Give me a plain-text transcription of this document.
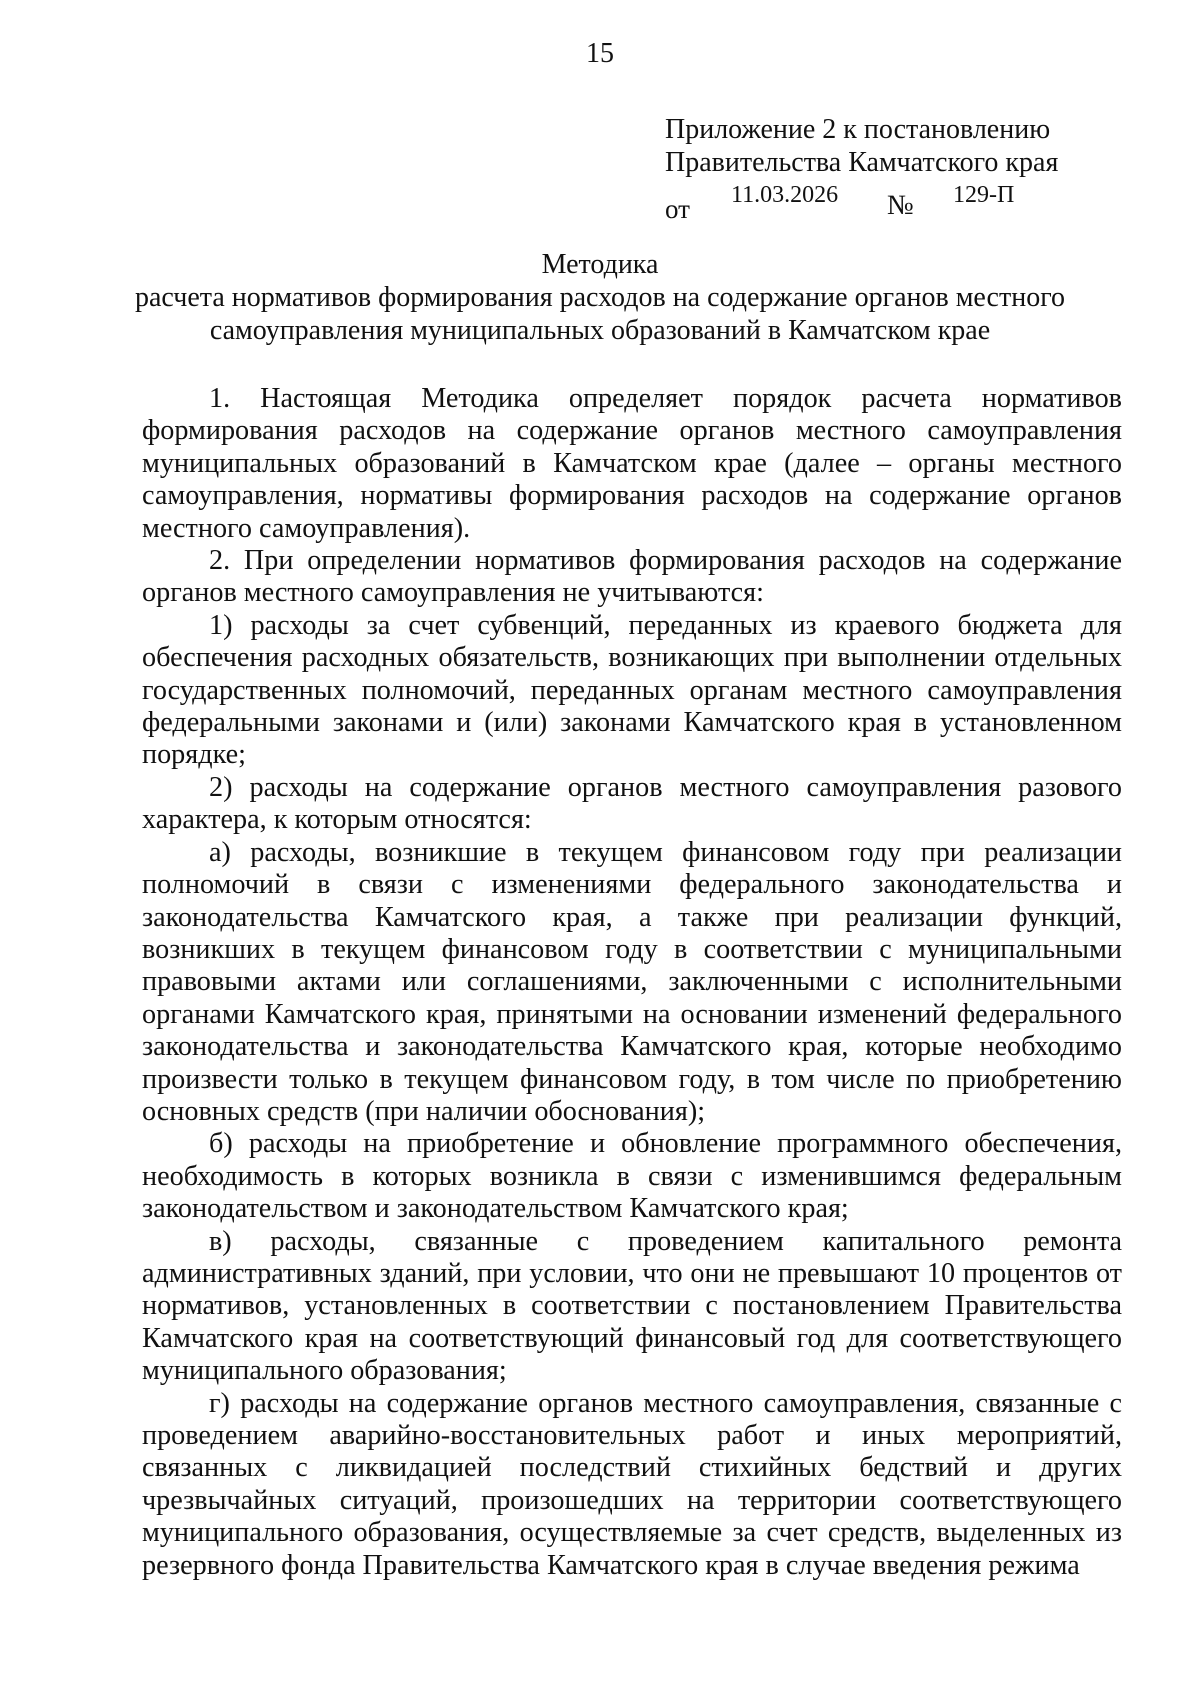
15
Приложение 2 к постановлению
Правительства Камчатского края
от 11.03.2026 № 129-П
Методика
расчета нормативов формирования расходов на содержание органов местного
самоуправления муниципальных образований в Камчатском крае

1. Настоящая Методика определяет порядок расчета нормативов формирования расходов на содержание органов местного самоуправления муниципальных образований в Камчатском крае (далее – органы местного самоуправления, нормативы формирования расходов на содержание органов местного самоуправления).

2. При определении нормативов формирования расходов на содержание органов местного самоуправления не учитываются:

1) расходы за счет субвенций, переданных из краевого бюджета для обеспечения расходных обязательств, возникающих при выполнении отдельных государственных полномочий, переданных органам местного самоуправления федеральными законами и (или) законами Камчатского края в установленном порядке;

2) расходы на содержание органов местного самоуправления разового характера, к которым относятся:

а) расходы, возникшие в текущем финансовом году при реализации полномочий в связи с изменениями федерального законодательства и законодательства Камчатского края, а также при реализации функций, возникших в текущем финансовом году в соответствии с муниципальными правовыми актами или соглашениями, заключенными с исполнительными органами Камчатского края, принятыми на основании изменений федерального законодательства и законодательства Камчатского края, которые необходимо произвести только в текущем финансовом году, в том числе по приобретению основных средств (при наличии обоснования);

б) расходы на приобретение и обновление программного обеспечения, необходимость в которых возникла в связи с изменившимся федеральным законодательством и законодательством Камчатского края;

в) расходы, связанные с проведением капитального ремонта административных зданий, при условии, что они не превышают 10 процентов от нормативов, установленных в соответствии с постановлением Правительства Камчатского края на соответствующий финансовый год для соответствующего муниципального образования;

г) расходы на содержание органов местного самоуправления, связанные с проведением аварийно-восстановительных работ и иных мероприятий, связанных с ликвидацией последствий стихийных бедствий и других чрезвычайных ситуаций, произошедших на территории соответствующего муниципального образования, осуществляемые за счет средств, выделенных из резервного фонда Правительства Камчатского края в случае введения режима
